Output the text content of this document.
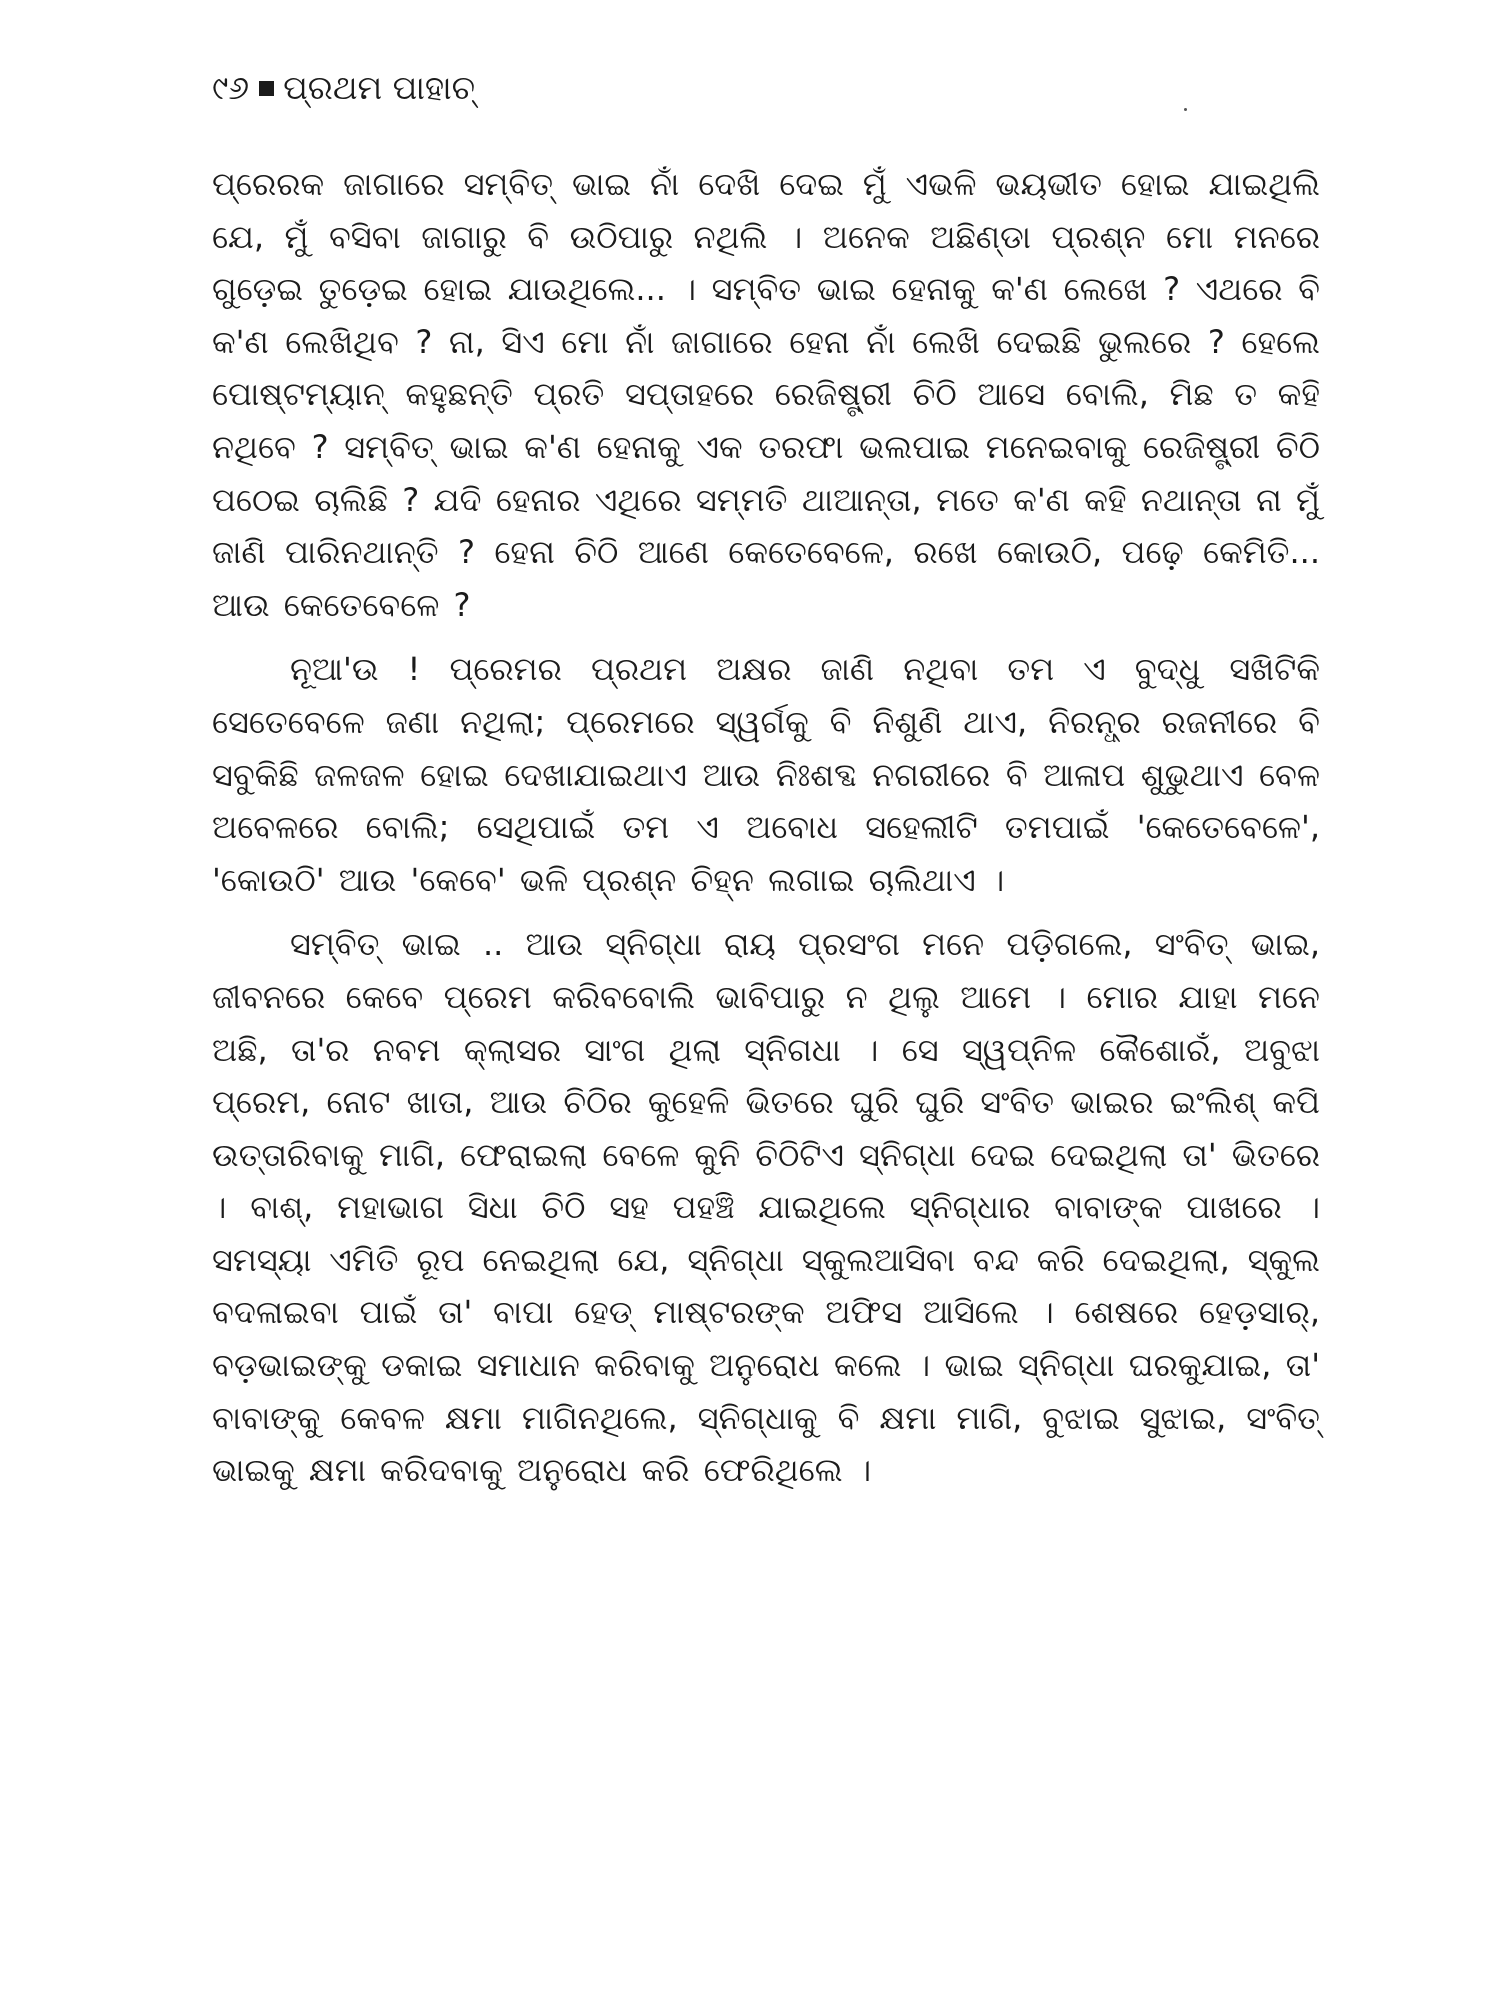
୯୬ ପ୍ରଥମ ପାହାଚ୍

ପ୍ରେରକ ଜାଗାରେ ସମ୍ବିତ୍ ଭାଇ ନାଁ ଦେଖି ଦେଇ ମୁଁ ଏଭଳି ଭୟଭୀତ ହୋଇ ଯାଇଥିଲି ଯେ, ମୁଁ ବସିବା ଜାଗାରୁ ବି ଉଠିପାରୁ ନଥିଲି । ଅନେକ ଅଛିଣ୍ଡା ପ୍ରଶ୍ନ ମୋ ମନରେ ଗୁଡ଼େଇ ତୁଡ଼େଇ ହୋଇ ଯାଉଥିଲେ... । ସମ୍ବିତ ଭାଇ ହେନାକୁ କ'ଣ ଲେଖେ ? ଏଥରେ ବି କ'ଣ ଲେଖିଥିବ ? ନା, ସିଏ ମୋ ନାଁ ଜାଗାରେ ହେନା ନାଁ ଲେଖି ଦେଇଛି ଭୁଲରେ ? ହେଲେ ପୋଷ୍ଟମ୍ୟାନ୍ କହୁଛନ୍ତି ପ୍ରତି ସପ୍ତାହରେ ରେଜିଷ୍ଟ୍ରୀ ଚିଠି ଆସେ ବୋଲି, ମିଛ ତ କହି ନଥିବେ ? ସମ୍ବିତ୍ ଭାଇ କ'ଣ ହେନାକୁ ଏକ ତରଫା ଭଲପାଇ ମନେଇବାକୁ ରେଜିଷ୍ଟ୍ରୀ ଚିଠି ପଠେଇ ଚାଲିଛି ? ଯଦି ହେନାର ଏଥିରେ ସମ୍ମତି ଥାଆନ୍ତା, ମତେ କ'ଣ କହି ନଥାନ୍ତା ନା ମୁଁ ଜାଣି ପାରିନଥାନ୍ତି ? ହେନା ଚିଠି ଆଣେ କେତେବେଳେ, ରଖେ କୋଉଠି, ପଢ଼େ କେମିତି... ଆଉ କେତେବେଳେ ?

ନୂଆ'ଉ ! ପ୍ରେମର ପ୍ରଥମ ଅକ୍ଷର ଜାଣି ନଥିବା ତମ ଏ ବୁଦ୍ଧୁ ସଖିଟିକି ସେତେବେଳେ ଜଣା ନଥିଲା; ପ୍ରେମରେ ସ୍ୱର୍ଗକୁ ବି ନିଶୁଣି ଥାଏ, ନିରନ୍ଧ୍ର ରଜନୀରେ ବି ସବୁକିଛି ଜଳଜଳ ହୋଇ ଦେଖାଯାଇଥାଏ ଆଉ ନିଃଶବ୍ଦ ନଗରୀରେ ବି ଆଳାପ ଶୁଭୁଥାଏ ବେଳ ଅବେଳରେ ବୋଲି; ସେଥିପାଇଁ ତମ ଏ ଅବୋଧ ସହେଲୀଟି ତମପାଇଁ 'କେତେବେଳେ', 'କୋଉଠି' ଆଉ 'କେବେ' ଭଳି ପ୍ରଶ୍ନ ଚିହ୍ନ ଲଗାଇ ଚାଲିଥାଏ ।

ସମ୍ବିତ୍ ଭାଇ .. ଆଉ ସ୍ନିଗ୍ଧା ରାୟ ପ୍ରସଂଗ ମନେ ପଡ଼ିଗଲେ, ସଂବିତ୍ ଭାଇ, ଜୀବନରେ କେବେ ପ୍ରେମ କରିବବୋଲି ଭାବିପାରୁ ନ ଥିଲୁ ଆମେ । ମୋର ଯାହା ମନେ ଅଛି, ତା'ର ନବମ କ୍ଲାସର ସାଂଗ ଥିଲା ସ୍ନିଗଧା । ସେ ସ୍ୱପ୍ନିଳ କୈଶୋରଁ, ଅବୁଝା ପ୍ରେମ, ନୋଟ ଖାତା, ଆଉ ଚିଠିର କୁହେଳି ଭିତରେ ଘୁରି ଘୁରି ସଂବିତ ଭାଇର ଇଂଲିଶ୍ କପି ଉତ୍ତାରିବାକୁ ମାଗି, ଫେରାଇଲା ବେଳେ କୁନି ଚିଠିଟିଏ ସ୍ନିଗ୍ଧା ଦେଇ ଦେଇଥିଲା ତା' ଭିତରେ । ବାଶ୍, ମହାଭାଗ ସିଧା ଚିଠି ସହ ପହଞ୍ଚି ଯାଇଥିଲେ ସ୍ନିଗ୍ଧାର ବାବାଙ୍କ ପାଖରେ । ସମସ୍ୟା ଏମିତି ରୂପ ନେଇଥିଲା ଯେ, ସ୍ନିଗ୍ଧା ସ୍କୁଲଆସିବା ବନ୍ଦ କରି ଦେଇଥିଲା, ସ୍କୁଲ ବଦଳାଇବା ପାଇଁ ତା' ବାପା ହେଡ୍ ମାଷ୍ଟରଙ୍କ ଅଫିସ ଆସିଲେ । ଶେଷରେ ହେଡ଼ସାର୍, ବଡ଼ଭାଇଙ୍କୁ ଡକାଇ ସମାଧାନ କରିବାକୁ ଅନୁରୋଧ କଲେ । ଭାଇ ସ୍ନିଗ୍ଧା ଘରକୁଯାଇ, ତା' ବାବାଙ୍କୁ କେବଳ କ୍ଷମା ମାଗିନଥିଲେ, ସ୍ନିଗ୍ଧାକୁ ବି କ୍ଷମା ମାଗି, ବୁଝାଇ ସୁଝାଇ, ସଂବିତ୍ ଭାଇକୁ କ୍ଷମା କରିଦବାକୁ ଅନୁରୋଧ କରି ଫେରିଥିଲେ ।
